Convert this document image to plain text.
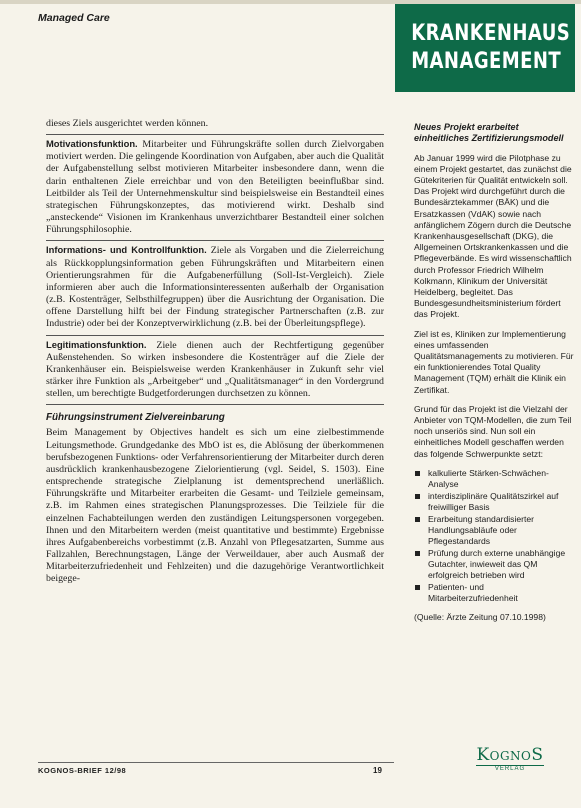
Managed Care
KRANKENHAUS
MANAGEMENT

dieses Ziels ausgerichtet werden können.

Motivationsfunktion. Mitarbeiter und Führungskräfte sollen durch Zielvorgaben motiviert werden. Die gelingende Koordination von Aufgaben, aber auch die Qualität der Aufgabenstellung selbst motivieren Mitarbeiter insbesondere dann, wenn die darin enthaltenen Ziele erreichbar und von den Beteiligten beeinflußbar sind. Leitbilder als Teil der Unternehmenskultur sind beispielsweise ein Bestandteil eines strategischen Führungskonzeptes, das motivierend wirkt. Deshalb sind „ansteckende“ Visionen im Krankenhaus unverzichtbarer Bestandteil einer solchen Führungsphilosophie.

Informations- und Kontrollfunktion. Ziele als Vorgaben und die Zielerreichung als Rückkopplungsinformation geben Führungskräften und Mitarbeitern einen Orientierungsrahmen für die Aufgabenerfüllung (Soll-Ist-Vergleich). Ziele informieren aber auch die Informationsinteressenten außerhalb der Organisation (z.B. Kostenträger, Selbsthilfegruppen) über die Ausrichtung der Organisation. Die offene Darstellung hilft bei der Findung strategischer Partnerschaften (z.B. zur Industrie) oder bei der Konzeptverwirklichung (z.B. bei der Überleitungspflege).

Legitimationsfunktion. Ziele dienen auch der Rechtfertigung gegenüber Außenstehenden. So wirken insbesondere die Kostenträger auf die Ziele der Krankenhäuser ein. Beispielsweise werden Krankenhäuser in Zukunft sehr viel stärker ihre Funktion als „Arbeitgeber“ und „Qualitätsmanager“ in den Vordergrund stellen, um berechtigte Budgetforderungen durchsetzen zu können.

Führungsinstrument Zielvereinbarung

Beim Management by Objectives handelt es sich um eine zielbestimmende Leitungsmethode. Grundgedanke des MbO ist es, die Ablösung der überkommenen berufsbezogenen Funktions- oder Verfahrensorientierung der Mitarbeiter durch deren ausdrücklich krankenhausbezogene Zielorientierung (vgl. Seidel, S. 1503). Eine entsprechende strategische Zielplanung ist dementsprechend unerläßlich. Führungskräfte und Mitarbeiter erarbeiten die Gesamt- und Teilziele gemeinsam, z.B. im Rahmen eines strategischen Planungsprozesses. Die Teilziele für die einzelnen Fachabteilungen werden den zuständigen Leitungspersonen vorgegeben. Ihnen und den Mitarbeitern werden (meist quantitative und bestimmte) Ergebnisse ihres Aufgabenbereichs vorbestimmt (z.B. Anzahl von Pflegesatzarten, Summe aus Fallzahlen, Berechnungstagen, Länge der Verweildauer, aber auch Ausmaß der Mitarbeiterzufriedenheit und Fehlzeiten) und die dazugehörige Verantwortlichkeit beigege-

Neues Projekt erarbeitet einheitliches Zertifizierungsmodell

Ab Januar 1999 wird die Pilotphase zu einem Projekt gestartet, das zunächst die Gütekriterien für Qualität entwickeln soll. Das Projekt wird durchgeführt durch die Bundesärztekammer (BÄK) und die Ersatzkassen (VdAK) sowie nach anfänglichem Zögern durch die Deutsche Krankenhausgesellschaft (DKG), die Allgemeinen Ortskrankenkassen und die Pflegeverbände. Es wird wissenschaftlich durch Professor Friedrich Wilhelm Kolkmann, Klinikum der Universität Heidelberg, begleitet. Das Bundesgesundheitsministerium fördert das Projekt.

Ziel ist es, Kliniken zur Implementierung eines umfassenden Qualitätsmanagements zu motivieren. Für ein funktionierendes Total Quality Management (TQM) erhält die Klinik ein Zertifikat.

Grund für das Projekt ist die Vielzahl der Anbieter von TQM-Modellen, die zum Teil noch unseriös sind. Nun soll ein einheitliches Modell geschaffen werden das folgende Schwerpunkte setzt:

kalkulierte Stärken-Schwächen-Analyse
interdisziplinäre Qualitätszirkel auf freiwilliger Basis
Erarbeitung standardisierter Handlungsabläufe oder Pflegestandards
Prüfung durch externe unabhängige Gutachter, inwieweit das QM erfolgreich betrieben wird
Patienten- und Mitarbeiterzufriedenheit

(Quelle: Ärzte Zeitung 07.10.1998)

KOGNOS-BRIEF 12/98	19
KognoS
VERLAG
